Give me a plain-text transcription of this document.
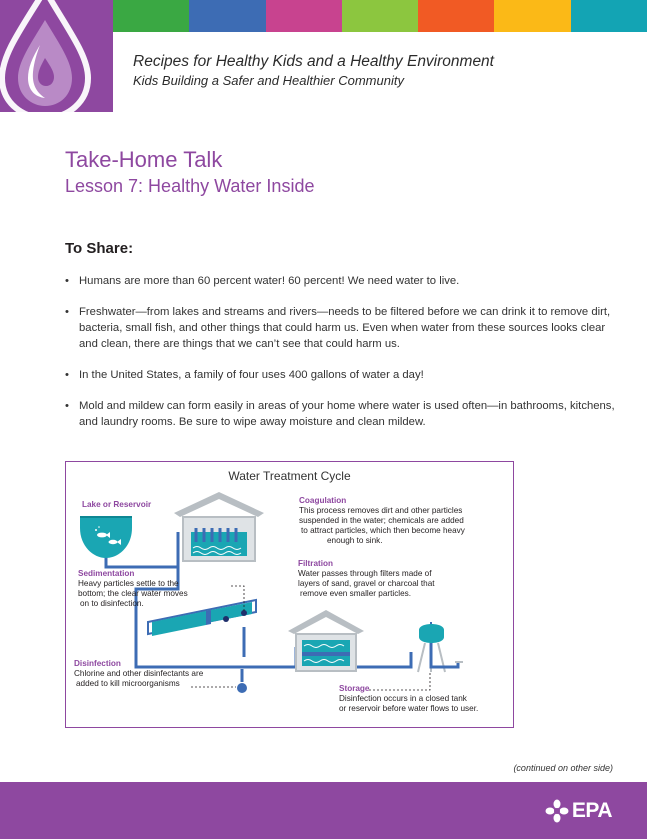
Recipes for Healthy Kids and a Healthy Environment
Kids Building a Safer and Healthier Community
Take-Home Talk
Lesson 7: Healthy Water Inside
To Share:
• Humans are more than 60 percent water! 60 percent! We need water to live.
• Freshwater—from lakes and streams and rivers—needs to be filtered before we can drink it to remove dirt, bacteria, small fish, and other things that could harm us. Even when water from these sources looks clear and clean, there are things that we can’t see that could harm us.
• In the United States, a family of four uses 400 gallons of water a day!
• Mold and mildew can form easily in areas of your home where water is used often—in bathrooms, kitchens, and laundry rooms. Be sure to wipe away moisture and clean mildew.
Water Treatment Cycle
Lake or Reservoir	Coagulation
This process removes dirt and other particles
suspended in the water; chemicals are added
to attract particles, which then become heavy
enough to sink.
Sedimentation
Heavy particles settle to the
bottom; the clear water moves
on to disinfection.
Filtration
Water passes through filters made of
layers of sand, gravel or charcoal that
remove even smaller particles.
Disinfection
Chlorine and other disinfectants are
added to kill microorganisms
Storage
Disinfection occurs in a closed tank
or reservoir before water flows to user.
(continued on other side)
EPA
